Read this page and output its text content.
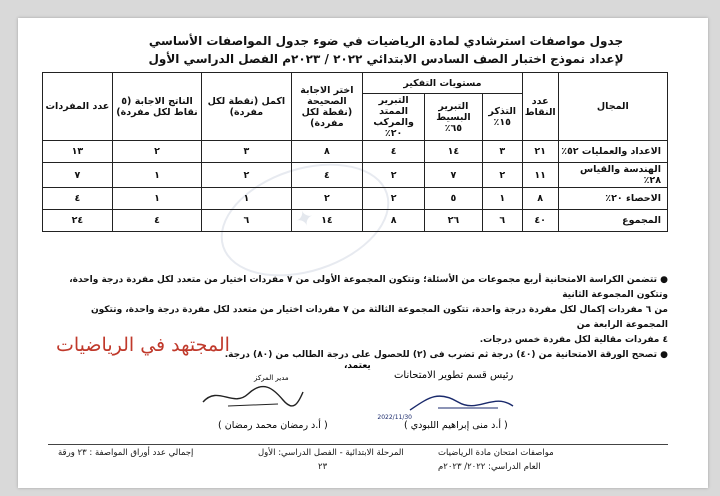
جدول مواصفات استرشادي لمادة الرياضيات في ضوء جدول المواصفات الأساسي
لإعداد نموذج اختبار الصف السادس الابتدائي ٢٠٢٢ / ٢٠٢٣م الفصل الدراسي الأول
✦
المجال	عدد النقاط	مستويات التفكير			اختر الاجابة الصحيحة (نقطة لكل مفردة)	اكمل (نقطة لكل مفردة)	الناتج الاجابة (٥ نقاط لكل مفردة)	عدد المفردات
		التذكر ١٥٪	التبرير البسيط ٦٥٪	التبرير الممتد والمركب ٢٠٪				
الاعداد والعمليات ٥٢٪	٢١	٣	١٤	٤	٨	٣	٢	١٣
الهندسة والقياس ٢٨٪	١١	٢	٧	٢	٤	٢	١	٧
الاحصاء ٢٠٪	٨	١	٥	٢	٢	١	١	٤
المجموع	٤٠	٦	٢٦	٨	١٤	٦	٤	٢٤

● تتضمن الكراسة الامتحانية أربع مجموعات من الأسئلة؛ وتتكون المجموعة الأولى من ٧ مفردات اختيار من متعدد لكل مفردة درجة واحدة، وتتكون المجموعة الثانية

من ٦ مفردات إكمال لكل مفردة درجة واحدة، تتكون المجموعة الثالثة من ٧ مفردات اختيار من متعدد لكل مفردة درجة واحدة، وتتكون المجموعة الرابعة من

٤ مفردات مقالية لكل مفردة خمس درجات.

● تصحح الورقة الامتحانية من (٤٠) درجة ثم تضرب فى (٢) للحصول على درجة الطالب من (٨٠) درجة.

المجتهد في الرياضيات
يعتمد،
مدير المركز
( أ.د رمضان محمد رمضان )
رئيس قسم تطوير الامتحانات
2022/11/30
( أ.د منى إبراهيم اللبودي )
مواصفات امتحان مادة الرياضيات
العام الدراسي: ٢٠٢٢/ ٢٠٢٣م
المرحلة الابتدائية - الفصل الدراسي: الأول
٢٣
إجمالي عدد أوراق المواصفة : ٢٣ ورقة
